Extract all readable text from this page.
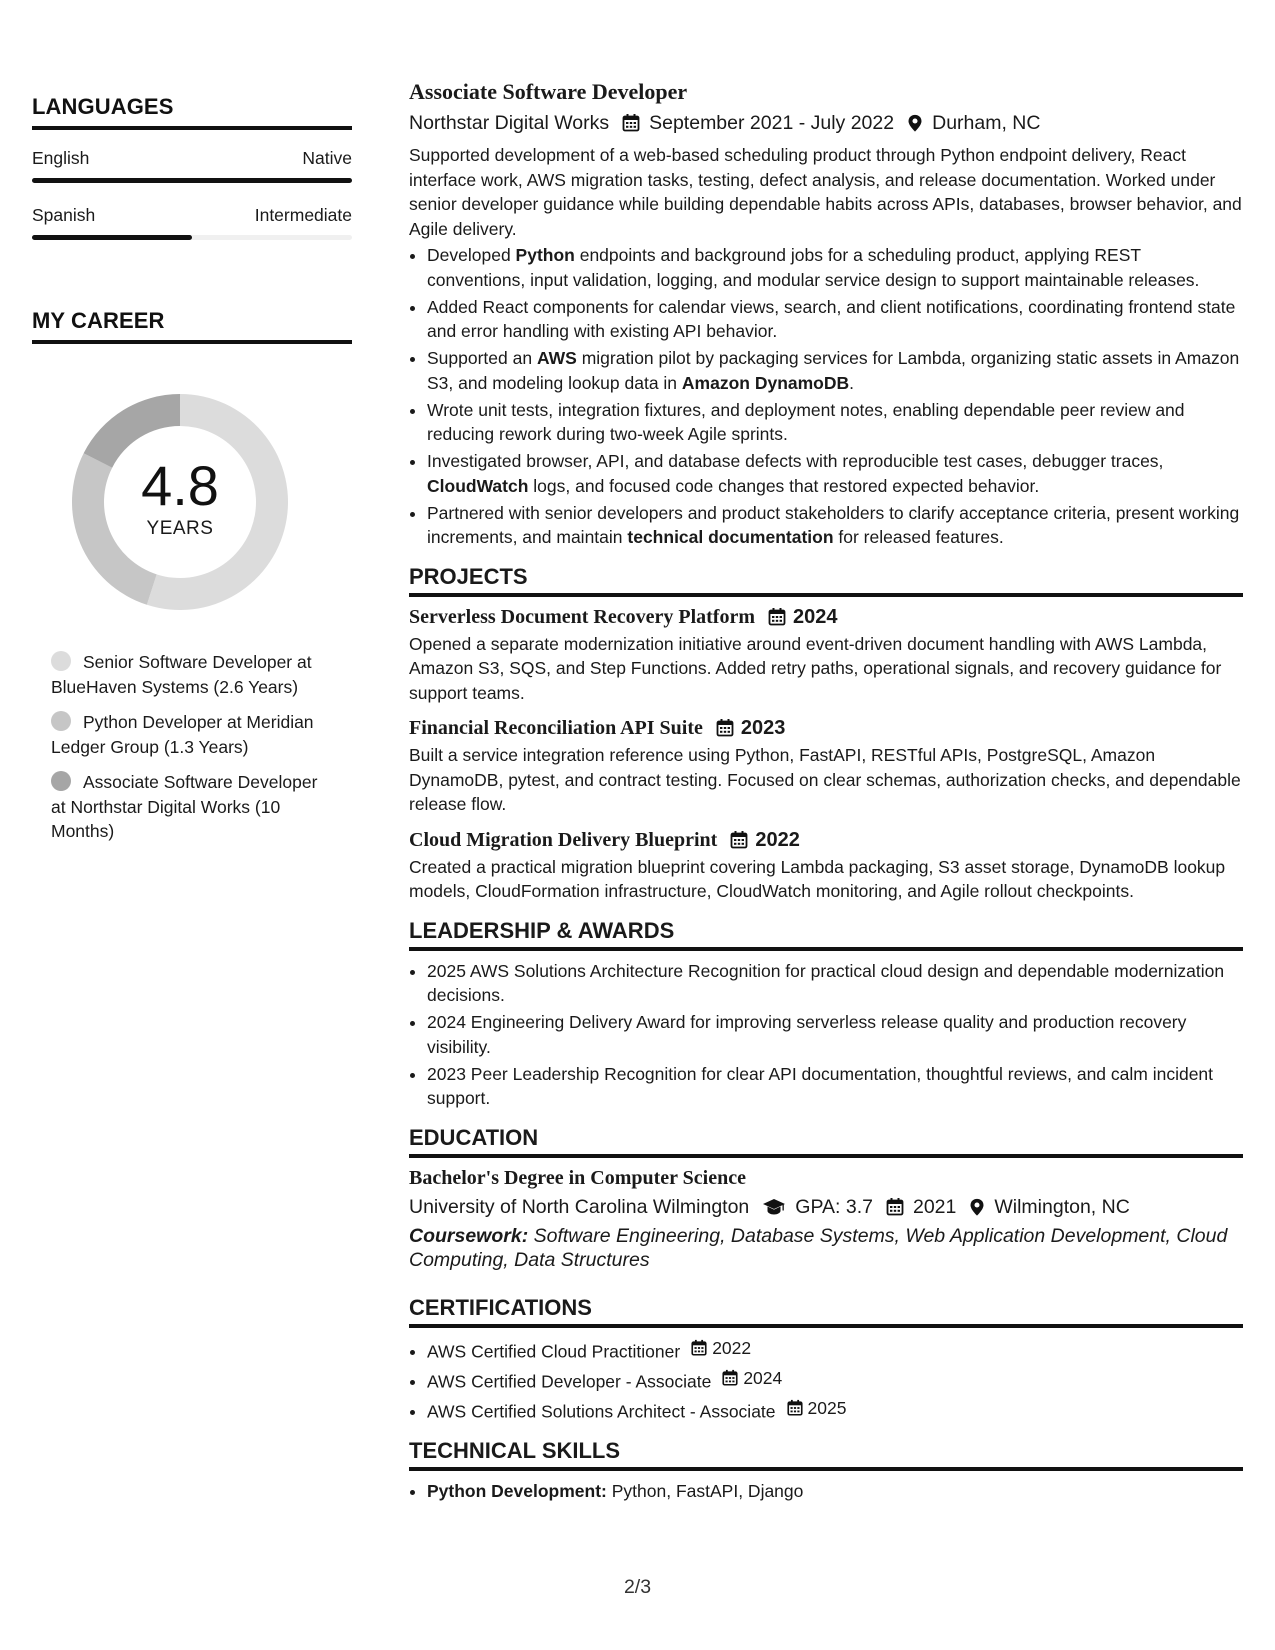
LANGUAGES
English	Native
Spanish	Intermediate
MY CAREER
4.8
YEARS
Senior Software Developer at BlueHaven Systems (2.6 Years)
Python Developer at Meridian Ledger Group (1.3 Years)
Associate Software Developer at Northstar Digital Works (10 Months)
Associate Software Developer
Northstar Digital Works September 2021 - July 2022 Durham, NC
Supported development of a web-based scheduling product through Python endpoint delivery, React interface work, AWS migration tasks, testing, defect analysis, and release documentation. Worked under senior developer guidance while building dependable habits across APIs, databases, browser behavior, and Agile delivery.
• Developed Python endpoints and background jobs for a scheduling product, applying REST conventions, input validation, logging, and modular service design to support maintainable releases.
• Added React components for calendar views, search, and client notifications, coordinating frontend state and error handling with existing API behavior.
• Supported an AWS migration pilot by packaging services for Lambda, organizing static assets in Amazon S3, and modeling lookup data in Amazon DynamoDB.
• Wrote unit tests, integration fixtures, and deployment notes, enabling dependable peer review and reducing rework during two-week Agile sprints.
• Investigated browser, API, and database defects with reproducible test cases, debugger traces, CloudWatch logs, and focused code changes that restored expected behavior.
• Partnered with senior developers and product stakeholders to clarify acceptance criteria, present working increments, and maintain technical documentation for released features.
PROJECTS
Serverless Document Recovery Platform 2024
Opened a separate modernization initiative around event-driven document handling with AWS Lambda, Amazon S3, SQS, and Step Functions. Added retry paths, operational signals, and recovery guidance for support teams.
Financial Reconciliation API Suite 2023
Built a service integration reference using Python, FastAPI, RESTful APIs, PostgreSQL, Amazon DynamoDB, pytest, and contract testing. Focused on clear schemas, authorization checks, and dependable release flow.
Cloud Migration Delivery Blueprint 2022
Created a practical migration blueprint covering Lambda packaging, S3 asset storage, DynamoDB lookup models, CloudFormation infrastructure, CloudWatch monitoring, and Agile rollout checkpoints.
LEADERSHIP & AWARDS
• 2025 AWS Solutions Architecture Recognition for practical cloud design and dependable modernization decisions.
• 2024 Engineering Delivery Award for improving serverless release quality and production recovery visibility.
• 2023 Peer Leadership Recognition for clear API documentation, thoughtful reviews, and calm incident support.
EDUCATION
Bachelor's Degree in Computer Science
University of North Carolina Wilmington GPA: 3.7 2021 Wilmington, NC
Coursework: Software Engineering, Database Systems, Web Application Development, Cloud Computing, Data Structures
CERTIFICATIONS
• AWS Certified Cloud Practitioner 2022
• AWS Certified Developer - Associate 2024
• AWS Certified Solutions Architect - Associate 2025
TECHNICAL SKILLS
• Python Development: Python, FastAPI, Django
2/3
